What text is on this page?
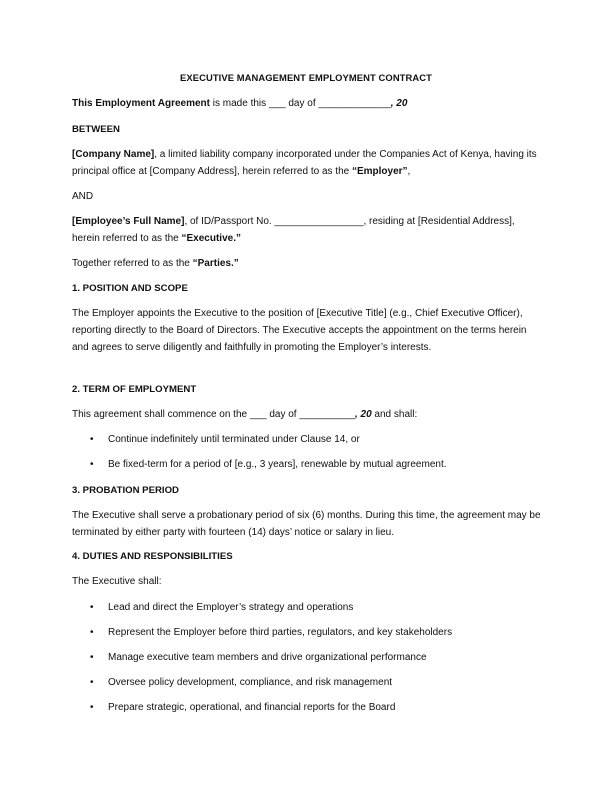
EXECUTIVE MANAGEMENT EMPLOYMENT CONTRACT

This Employment Agreement is made this ___ day of _____________, 20

BETWEEN

[Company Name], a limited liability company incorporated under the Companies Act of Kenya, having its principal office at [Company Address], herein referred to as the “Employer”,

AND

[Employee’s Full Name], of ID/Passport No. ________________, residing at [Residential Address], herein referred to as the “Executive.”

Together referred to as the “Parties.”

1. POSITION AND SCOPE

The Employer appoints the Executive to the position of [Executive Title] (e.g., Chief Executive Officer), reporting directly to the Board of Directors. The Executive accepts the appointment on the terms herein and agrees to serve diligently and faithfully in promoting the Employer’s interests.

2. TERM OF EMPLOYMENT

This agreement shall commence on the ___ day of __________, 20 and shall:

• Continue indefinitely until terminated under Clause 14, or
• Be fixed-term for a period of [e.g., 3 years], renewable by mutual agreement.

3. PROBATION PERIOD

The Executive shall serve a probationary period of six (6) months. During this time, the agreement may be terminated by either party with fourteen (14) days’ notice or salary in lieu.

4. DUTIES AND RESPONSIBILITIES

The Executive shall:

• Lead and direct the Employer’s strategy and operations
• Represent the Employer before third parties, regulators, and key stakeholders
• Manage executive team members and drive organizational performance
• Oversee policy development, compliance, and risk management
• Prepare strategic, operational, and financial reports for the Board
